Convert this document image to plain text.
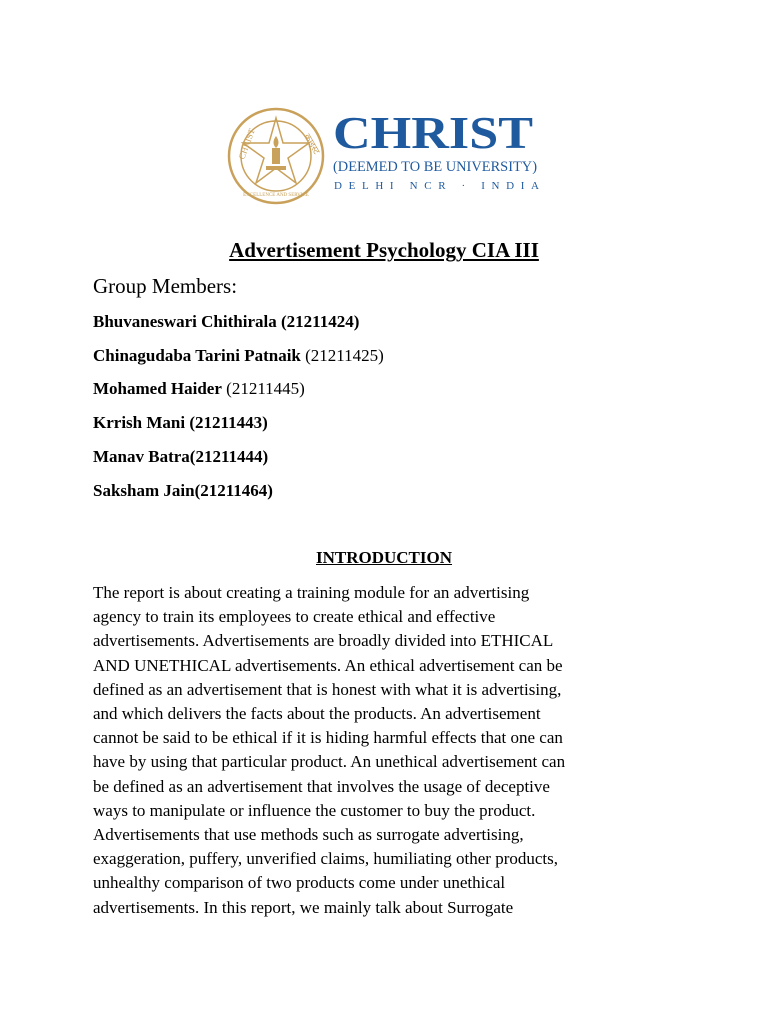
CHRIST	क्राइस्ट
EXCELLENCE AND SERVICE
CHRIST
(DEEMED TO BE UNIVERSITY)
DELHI NCR · INDIA
Advertisement Psychology CIA III
Group Members:
Bhuvaneswari Chithirala (21211424)
Chinagudaba Tarini Patnaik (21211425)
Mohamed Haider (21211445)
Krrish Mani (21211443)
Manav Batra(21211444)
Saksham Jain(21211464)
INTRODUCTION
The report is about creating a training module for an advertising
agency to train its employees to create ethical and effective
advertisements. Advertisements are broadly divided into ETHICAL
AND UNETHICAL advertisements. An ethical advertisement can be
defined as an advertisement that is honest with what it is advertising,
and which delivers the facts about the products. An advertisement
cannot be said to be ethical if it is hiding harmful effects that one can
have by using that particular product. An unethical advertisement can
be defined as an advertisement that involves the usage of deceptive
ways to manipulate or influence the customer to buy the product.
Advertisements that use methods such as surrogate advertising,
exaggeration, puffery, unverified claims, humiliating other products,
unhealthy comparison of two products come under unethical
advertisements. In this report, we mainly talk about Surrogate
